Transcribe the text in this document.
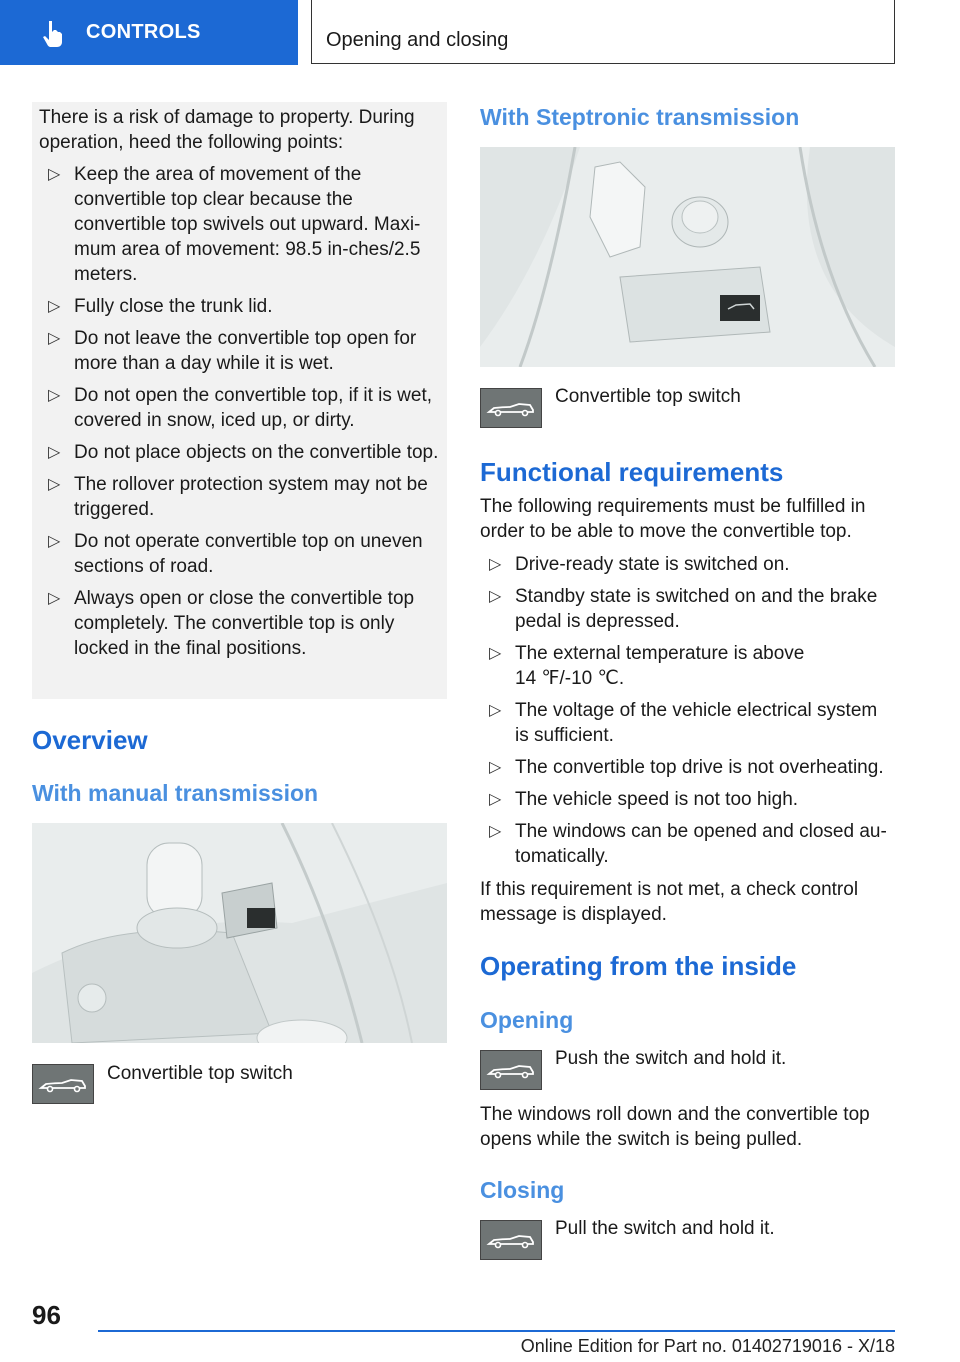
CONTROLS	Opening and closing
There is a risk of damage to property. During operation, heed the following points:
▷ Keep the area of movement of the convertible top clear because the convertible top swivels out upward. Maxi-mum area of movement: 98.5 in-ches/2.5 meters.
▷ Fully close the trunk lid.
▷ Do not leave the convertible top open for more than a day while it is wet.
▷ Do not open the convertible top, if it is wet, covered in snow, iced up, or dirty.
▷ Do not place objects on the convertible top.
▷ The rollover protection system may not be triggered.
▷ Do not operate convertible top on uneven sections of road.
▷ Always open or close the convertible top completely. The convertible top is only locked in the final positions.
Overview
With manual transmission
Convertible top switch
With Steptronic transmission
Convertible top switch
Functional requirements
The following requirements must be fulfilled in order to be able to move the convertible top.
▷ Drive-ready state is switched on.
▷ Standby state is switched on and the brake pedal is depressed.
▷ The external temperature is above 14 ℉/-10 ℃.
▷ The voltage of the vehicle electrical system is sufficient.
▷ The convertible top drive is not overheating.
▷ The vehicle speed is not too high.
▷ The windows can be opened and closed au-tomatically.
If this requirement is not met, a check control message is displayed.
Operating from the inside
Opening
Push the switch and hold it.
The windows roll down and the convertible top opens while the switch is being pulled.
Closing
Pull the switch and hold it.
96
Online Edition for Part no. 01402719016 - X/18
